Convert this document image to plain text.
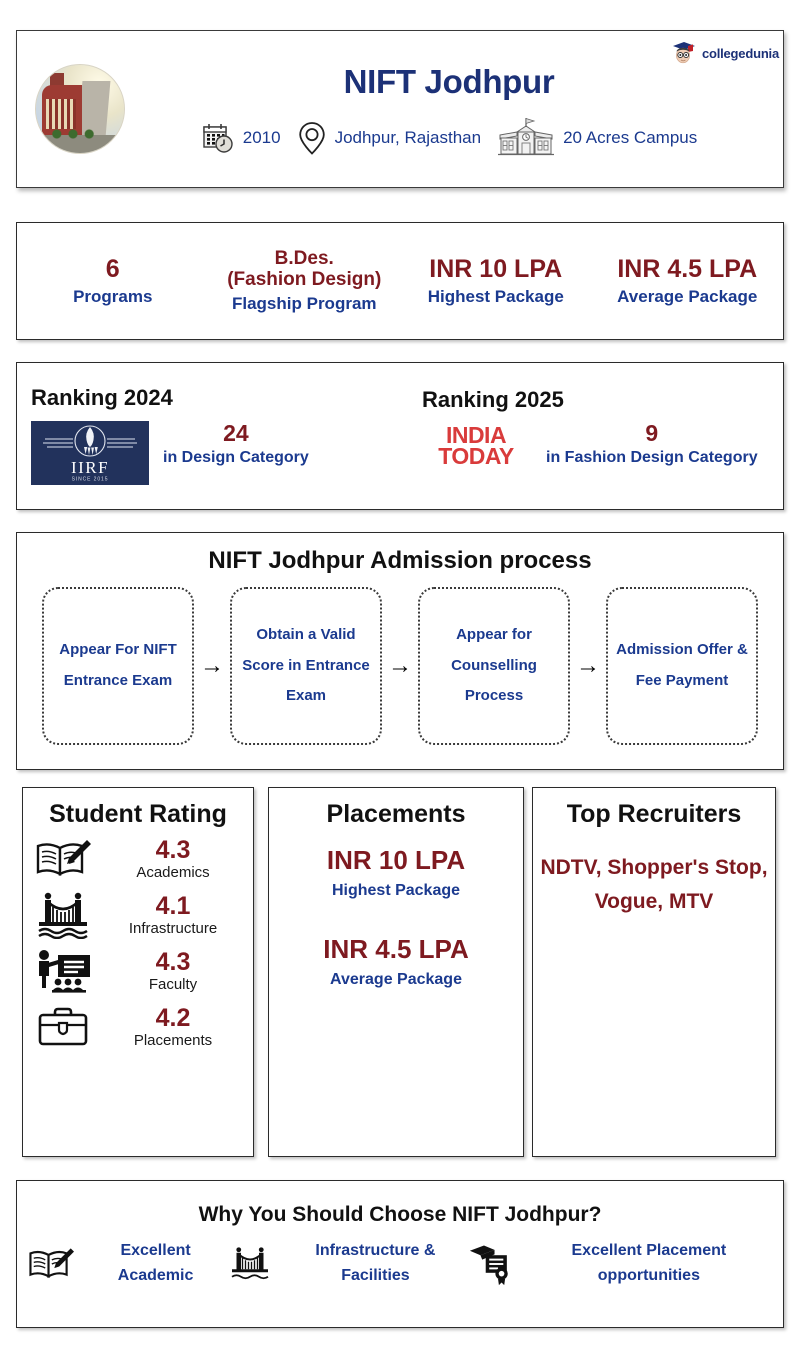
NIFT Jodhpur
2010	Jodhpur, Rajasthan	20 Acres Campus
collegedunia
6
Programs
B.Des.
(Fashion Design)
Flagship Program
INR 10 LPA
Highest Package
INR 4.5 LPA
Average Package
Ranking 2024
IIRF
SINCE 2015
24
in Design Category
Ranking 2025
INDIA
TODAY
9
in Fashion Design Category
NIFT Jodhpur Admission process
Appear For NIFT Entrance Exam
→
Obtain a Valid Score in Entrance Exam
→
Appear for Counselling Process
→
Admission Offer & Fee Payment
Student Rating
4.3
Academics
4.1
Infrastructure
4.3
Faculty
4.2
Placements
Placements
INR 10 LPA
Highest Package
INR 4.5 LPA
Average Package
Top Recruiters
NDTV, Shopper's Stop, Vogue, MTV
Why You Should Choose NIFT Jodhpur?
Excellent Academic
Infrastructure & Facilities
Excellent Placement opportunities
